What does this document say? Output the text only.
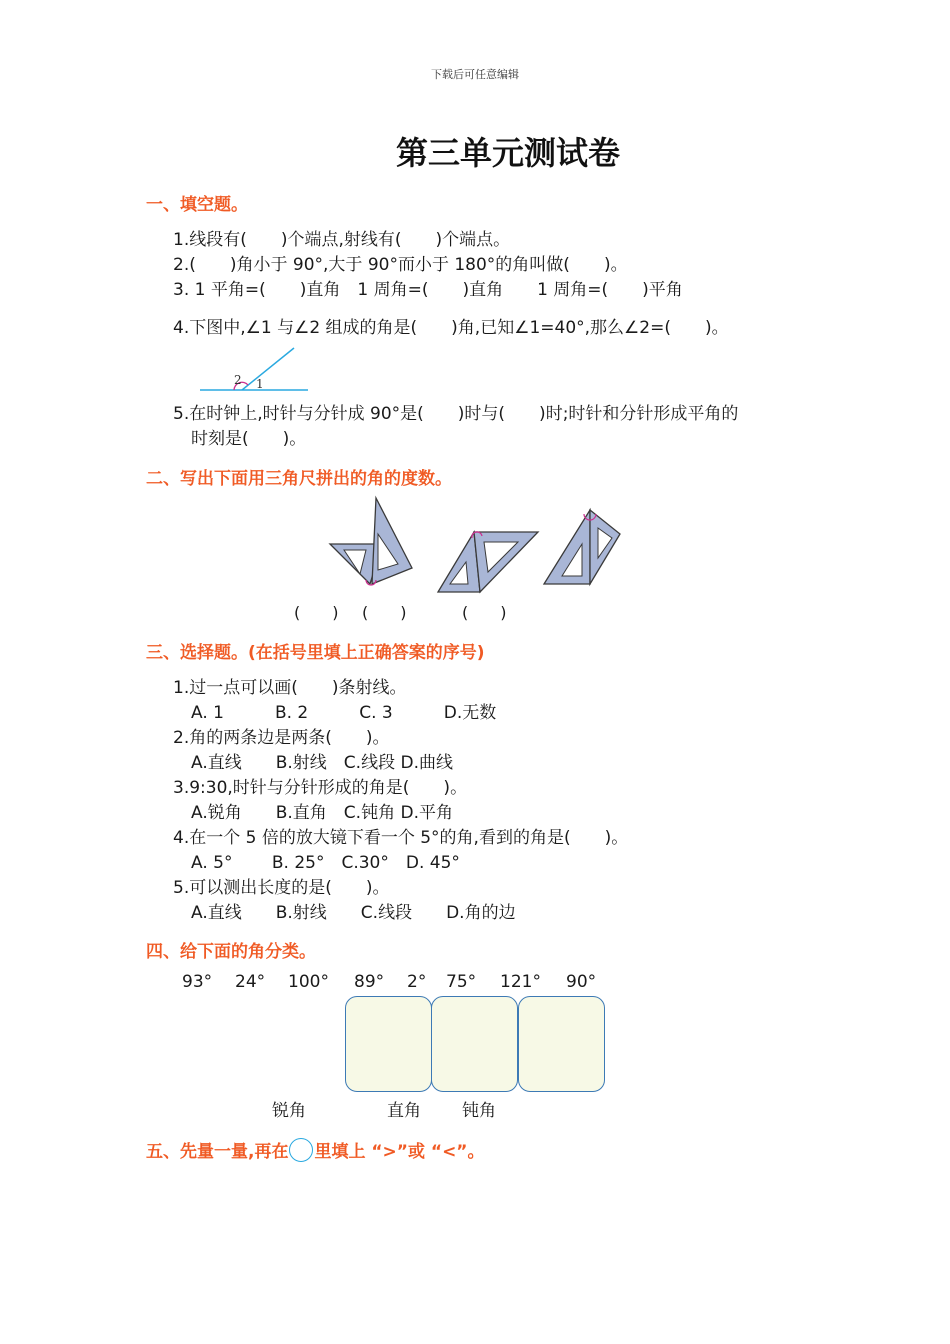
下载后可任意编辑
第三单元测试卷
一、填空题。
1.线段有(　　)个端点,射线有(　　)个端点。
2.(　　)角小于 90°,大于 90°而小于 180°的角叫做(　　)。
3. 1 平角=(　　)直角　1 周角=(　　)直角　　1 周角=(　　)平角
4.下图中,∠1 与∠2 组成的角是(　　)角,已知∠1=40°,那么∠2=(　　)。
2 1
5.在时钟上,时针与分针成 90°是(　　)时与(　　)时;时针和分针形成平角的
时刻是(　　)。
二、写出下面用三角尺拼出的角的度数。
(　　) (　　)	(　　)
三、选择题。(在括号里填上正确答案的序号)
1.过一点可以画(　　)条射线。
A. 1　　　B. 2　　　C. 3　　　D.无数
2.角的两条边是两条(　　)。
A.直线　　B.射线　C.线段 D.曲线
3.9:30,时针与分针形成的角是(　　)。
A.锐角　　B.直角　C.钝角 D.平角
4.在一个 5 倍的放大镜下看一个 5°的角,看到的角是(　　)。
A. 5°　　 B. 25°　C.30°　D. 45°
5.可以测出长度的是(　　)。
A.直线　　B.射线　　C.线段　　D.角的边
四、给下面的角分类。
93° 24° 100° 89° 2° 75° 121° 90°
锐角	直角 钝角
五、先量一量,再在 里填上 “>”或 “<”。
